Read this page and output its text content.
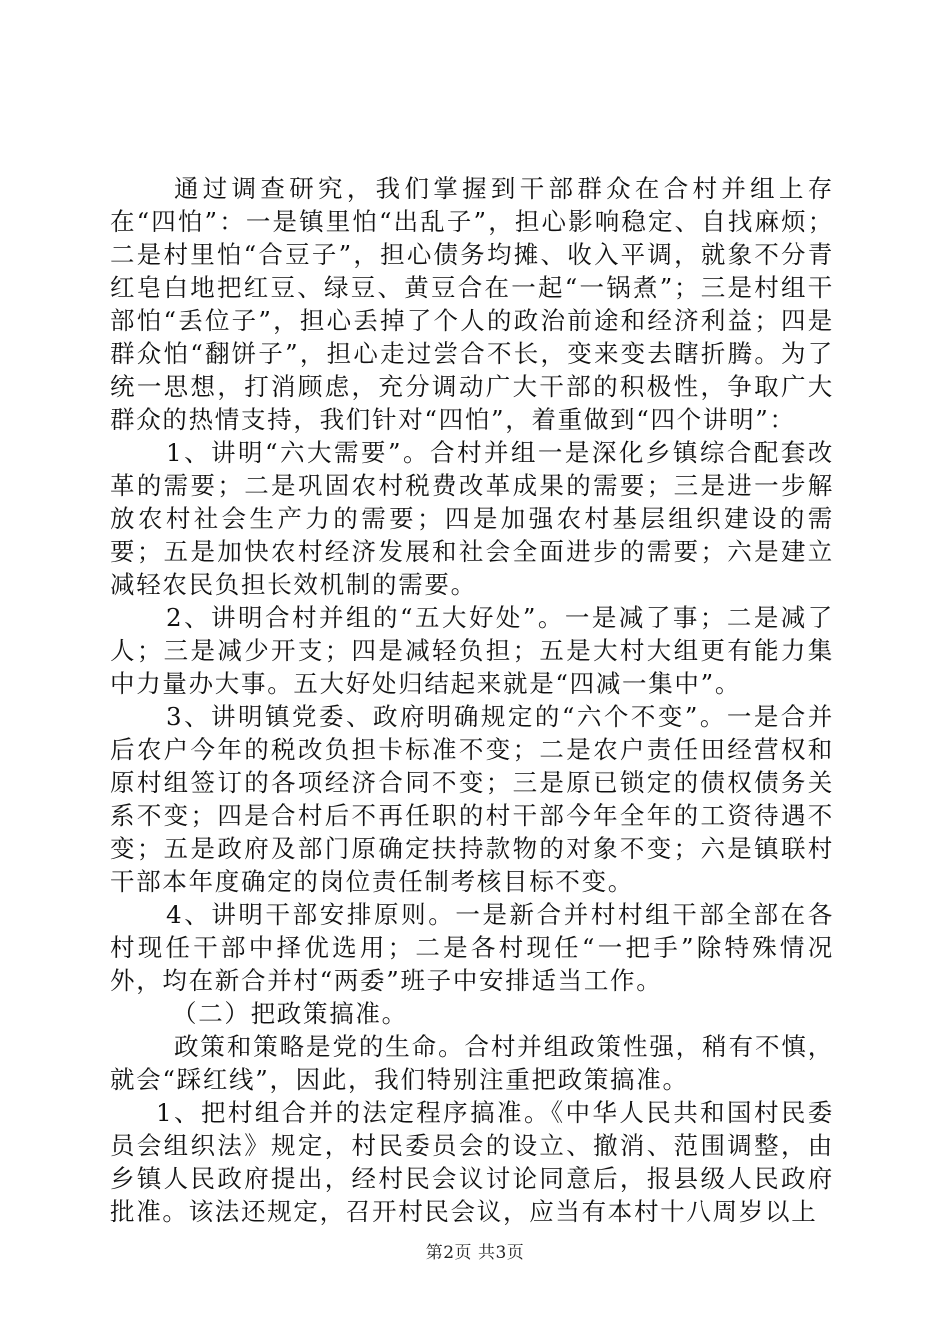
通过调查研究，我们掌握到干部群众在合村并组上存在“四怕”：一是镇里怕“出乱子”，担心影响稳定、自找麻烦；二是村里怕“合豆子”，担心债务均摊、收入平调，就象不分青红皂白地把红豆、绿豆、黄豆合在一起“一锅煮”；三是村组干部怕“丢位子”，担心丢掉了个人的政治前途和经济利益；四是群众怕“翻饼子”，担心走过尝合不长，变来变去瞎折腾。为了统一思想，打消顾虑，充分调动广大干部的积极性，争取广大群众的热情支持，我们针对“四怕”，着重做到“四个讲明”：

1、讲明“六大需要”。合村并组一是深化乡镇综合配套改革的需要；二是巩固农村税费改革成果的需要；三是进一步解放农村社会生产力的需要；四是加强农村基层组织建设的需要；五是加快农村经济发展和社会全面进步的需要；六是建立减轻农民负担长效机制的需要。

2、讲明合村并组的“五大好处”。一是减了事；二是减了人；三是减少开支；四是减轻负担；五是大村大组更有能力集中力量办大事。五大好处归结起来就是“四减一集中”。

3、讲明镇党委、政府明确规定的“六个不变”。一是合并后农户今年的税改负担卡标准不变；二是农户责任田经营权和原村组签订的各项经济合同不变；三是原已锁定的债权债务关系不变；四是合村后不再任职的村干部今年全年的工资待遇不变；五是政府及部门原确定扶持款物的对象不变；六是镇联村干部本年度确定的岗位责任制考核目标不变。

4、讲明干部安排原则。一是新合并村村组干部全部在各村现任干部中择优选用；二是各村现任“一把手”除特殊情况外，均在新合并村“两委”班子中安排适当工作。

（二）把政策搞准。

政策和策略是党的生命。合村并组政策性强，稍有不慎，就会“踩红线”，因此，我们特别注重把政策搞准。

1、把村组合并的法定程序搞准。《中华人民共和国村民委员会组织法》规定，村民委员会的设立、撤消、范围调整，由乡镇人民政府提出，经村民会议讨论同意后，报县级人民政府批准。该法还规定，召开村民会议，应当有本村十八周岁以上

第2页 共3页
